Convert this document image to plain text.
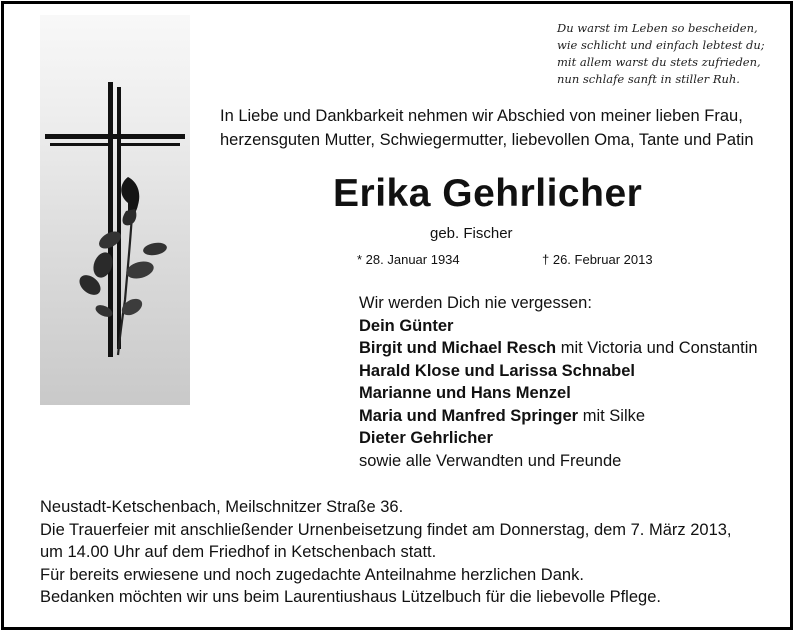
Du warst im Leben so bescheiden,
wie schlicht und einfach lebtest du;
mit allem warst du stets zufrieden,
nun schlafe sanft in stiller Ruh.
In Liebe und Dankbarkeit nehmen wir Abschied von meiner lieben Frau,
herzensguten Mutter, Schwiegermutter, liebevollen Oma, Tante und Patin
Erika Gehrlicher
geb. Fischer
* 28. Januar 1934	† 26. Februar 2013
Wir werden Dich nie vergessen:
Dein Günter
Birgit und Michael Resch mit Victoria und Constantin
Harald Klose und Larissa Schnabel
Marianne und Hans Menzel
Maria und Manfred Springer mit Silke
Dieter Gehrlicher
sowie alle Verwandten und Freunde
Neustadt-Ketschenbach, Meilschnitzer Straße 36.
Die Trauerfeier mit anschließender Urnenbeisetzung findet am Donnerstag, dem 7. März 2013,
um 14.00 Uhr auf dem Friedhof in Ketschenbach statt.
Für bereits erwiesene und noch zugedachte Anteilnahme herzlichen Dank.
Bedanken möchten wir uns beim Laurentiushaus Lützelbuch für die liebevolle Pflege.
